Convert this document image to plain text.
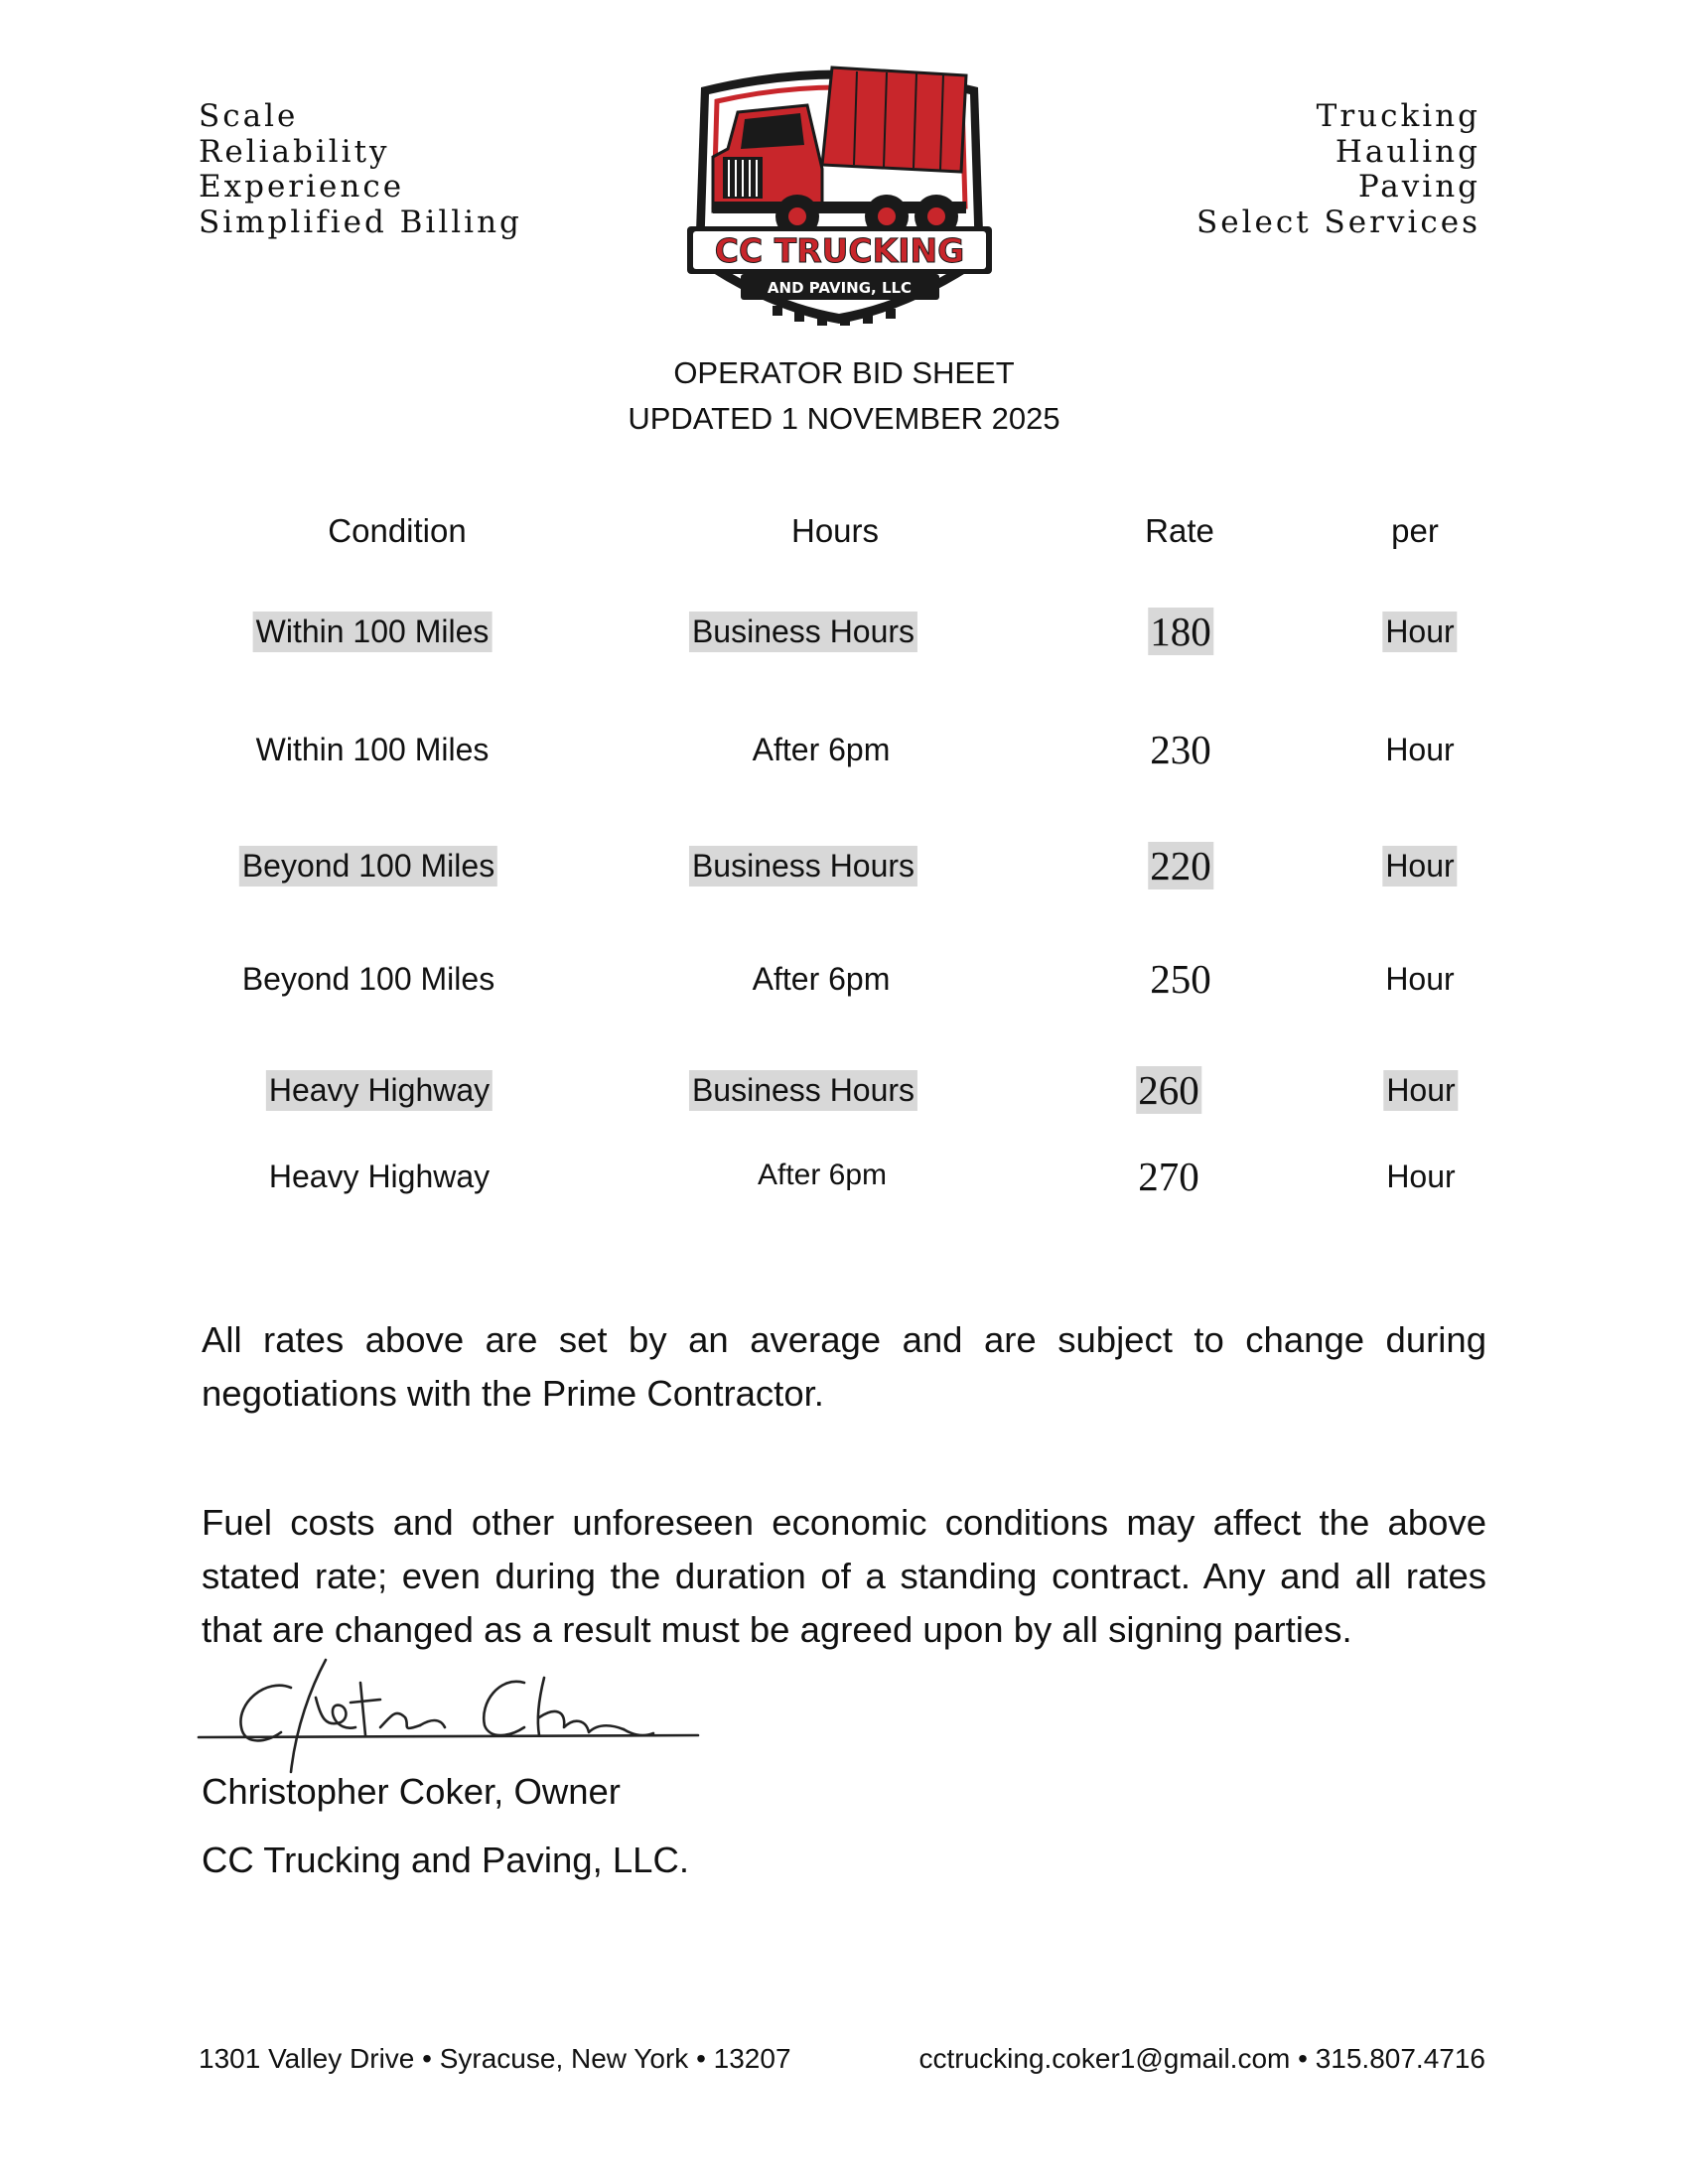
Scale
Reliability
Experience
Simplified Billing
CC TRUCKING
AND PAVING, LLC
Trucking
Hauling
Paving
Select Services
OPERATOR BID SHEET
UPDATED 1 NOVEMBER 2025
Condition	Hours	Rate	per
Within 100 Miles	Business Hours	180	Hour
Within 100 Miles	After 6pm	230	Hour
Beyond 100 Miles	Business Hours	220	Hour
Beyond 100 Miles	After 6pm	250	Hour
Heavy Highway	Business Hours	260	Hour
Heavy Highway	After 6pm	270	Hour
All rates above are set by an average and are subject to change during negotiations with the Prime Contractor.
Fuel costs and other unforeseen economic conditions may affect the above stated rate; even during the duration of a standing contract. Any and all rates that are changed as a result must be agreed upon by all signing parties.
Christopher Coker, Owner
CC Trucking and Paving, LLC.
1301 Valley Drive • Syracuse, New York • 13207	cctrucking.coker1@gmail.com • 315.807.4716
